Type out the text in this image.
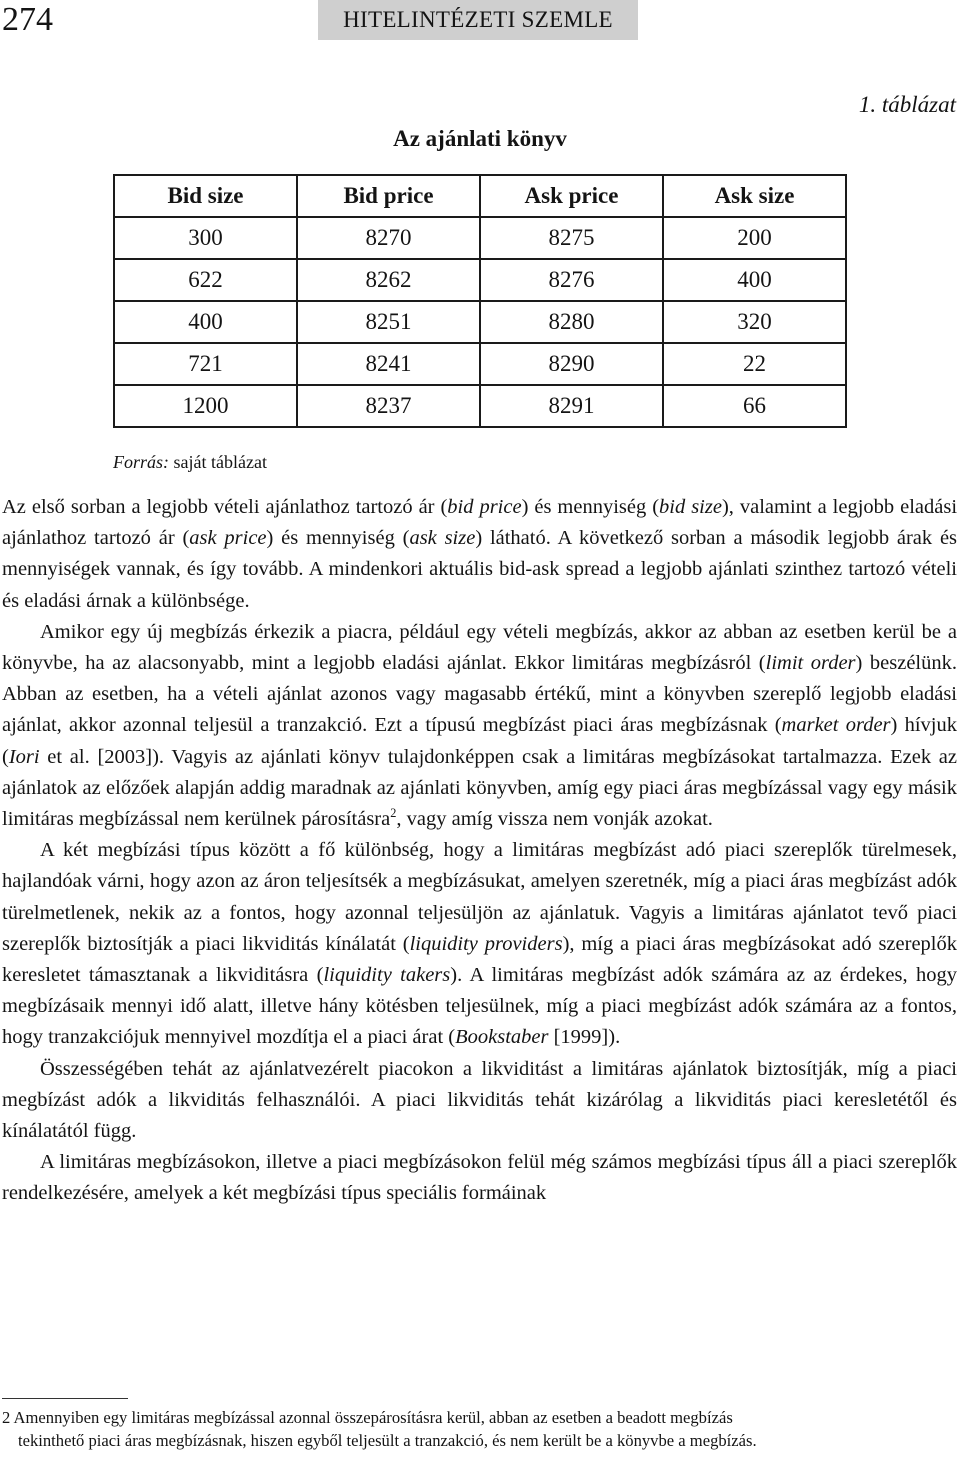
274	HITELINTÉZETI SZEMLE
1. táblázat
Az ajánlati könyv
Bid size	Bid price	Ask price	Ask size
300	8270	8275	200
622	8262	8276	400
400	8251	8280	320
721	8241	8290	22
1200	8237	8291	66
Forrás: saját táblázat

Az első sorban a legjobb vételi ajánlathoz tartozó ár (bid price) és mennyiség (bid size), valamint a legjobb eladási ajánlathoz tartozó ár (ask price) és mennyiség (ask size) látható. A következő sorban a második legjobb árak és mennyiségek vannak, és így tovább. A mindenkori aktuális bid-ask spread a legjobb ajánlati szinthez tartozó vételi és eladási árnak a különbsége.

Amikor egy új megbízás érkezik a piacra, például egy vételi megbízás, akkor az abban az esetben kerül be a könyvbe, ha az alacsonyabb, mint a legjobb eladási ajánlat. Ekkor limitáras megbízásról (limit order) beszélünk. Abban az esetben, ha a vételi ajánlat azonos vagy magasabb értékű, mint a könyvben szereplő legjobb eladási ajánlat, akkor azonnal teljesül a tranzakció. Ezt a típusú megbízást piaci áras megbízásnak (market order) hívjuk (Iori et al. [2003]). Vagyis az ajánlati könyv tulajdonképpen csak a limitáras megbízásokat tartalmazza. Ezek az ajánlatok az előzőek alapján addig maradnak az ajánlati könyvben, amíg egy piaci áras megbízással vagy egy másik limitáras megbízással nem kerülnek párosításra$^2$, vagy amíg vissza nem vonják azokat.

A két megbízási típus között a fő különbség, hogy a limitáras megbízást adó piaci szereplők türelmesek, hajlandóak várni, hogy azon az áron teljesítsék a megbízásukat, amelyen szeretnék, míg a piaci áras megbízást adók türelmetlenek, nekik az a fontos, hogy azonnal teljesüljön az ajánlatuk. Vagyis a limitáras ajánlatot tevő piaci szereplők biztosítják a piaci likviditás kínálatát (liquidity providers), míg a piaci áras megbízásokat adó szereplők keresletet támasztanak a likviditásra (liquidity takers). A limitáras megbízást adók számára az az érdekes, hogy megbízásaik mennyi idő alatt, illetve hány kötésben teljesülnek, míg a piaci megbízást adók számára az a fontos, hogy tranzakciójuk mennyivel mozdítja el a piaci árat (Bookstaber [1999]).

Összességében tehát az ajánlatvezérelt piacokon a likviditást a limitáras ajánlatok biztosítják, míg a piaci megbízást adók a likviditás felhasználói. A piaci likviditás tehát kizárólag a likviditás piaci keresletétől és kínálatától függ.

A limitáras megbízásokon, illetve a piaci megbízásokon felül még számos megbízási típus áll a piaci szereplők rendelkezésére, amelyek a két megbízási típus speciális formáinak

2 Amennyiben egy limitáras megbízással azonnal összepárosításra kerül, abban az esetben a beadott megbízás
tekinthető piaci áras megbízásnak, hiszen egyből teljesült a tranzakció, és nem került be a könyvbe a megbízás.
